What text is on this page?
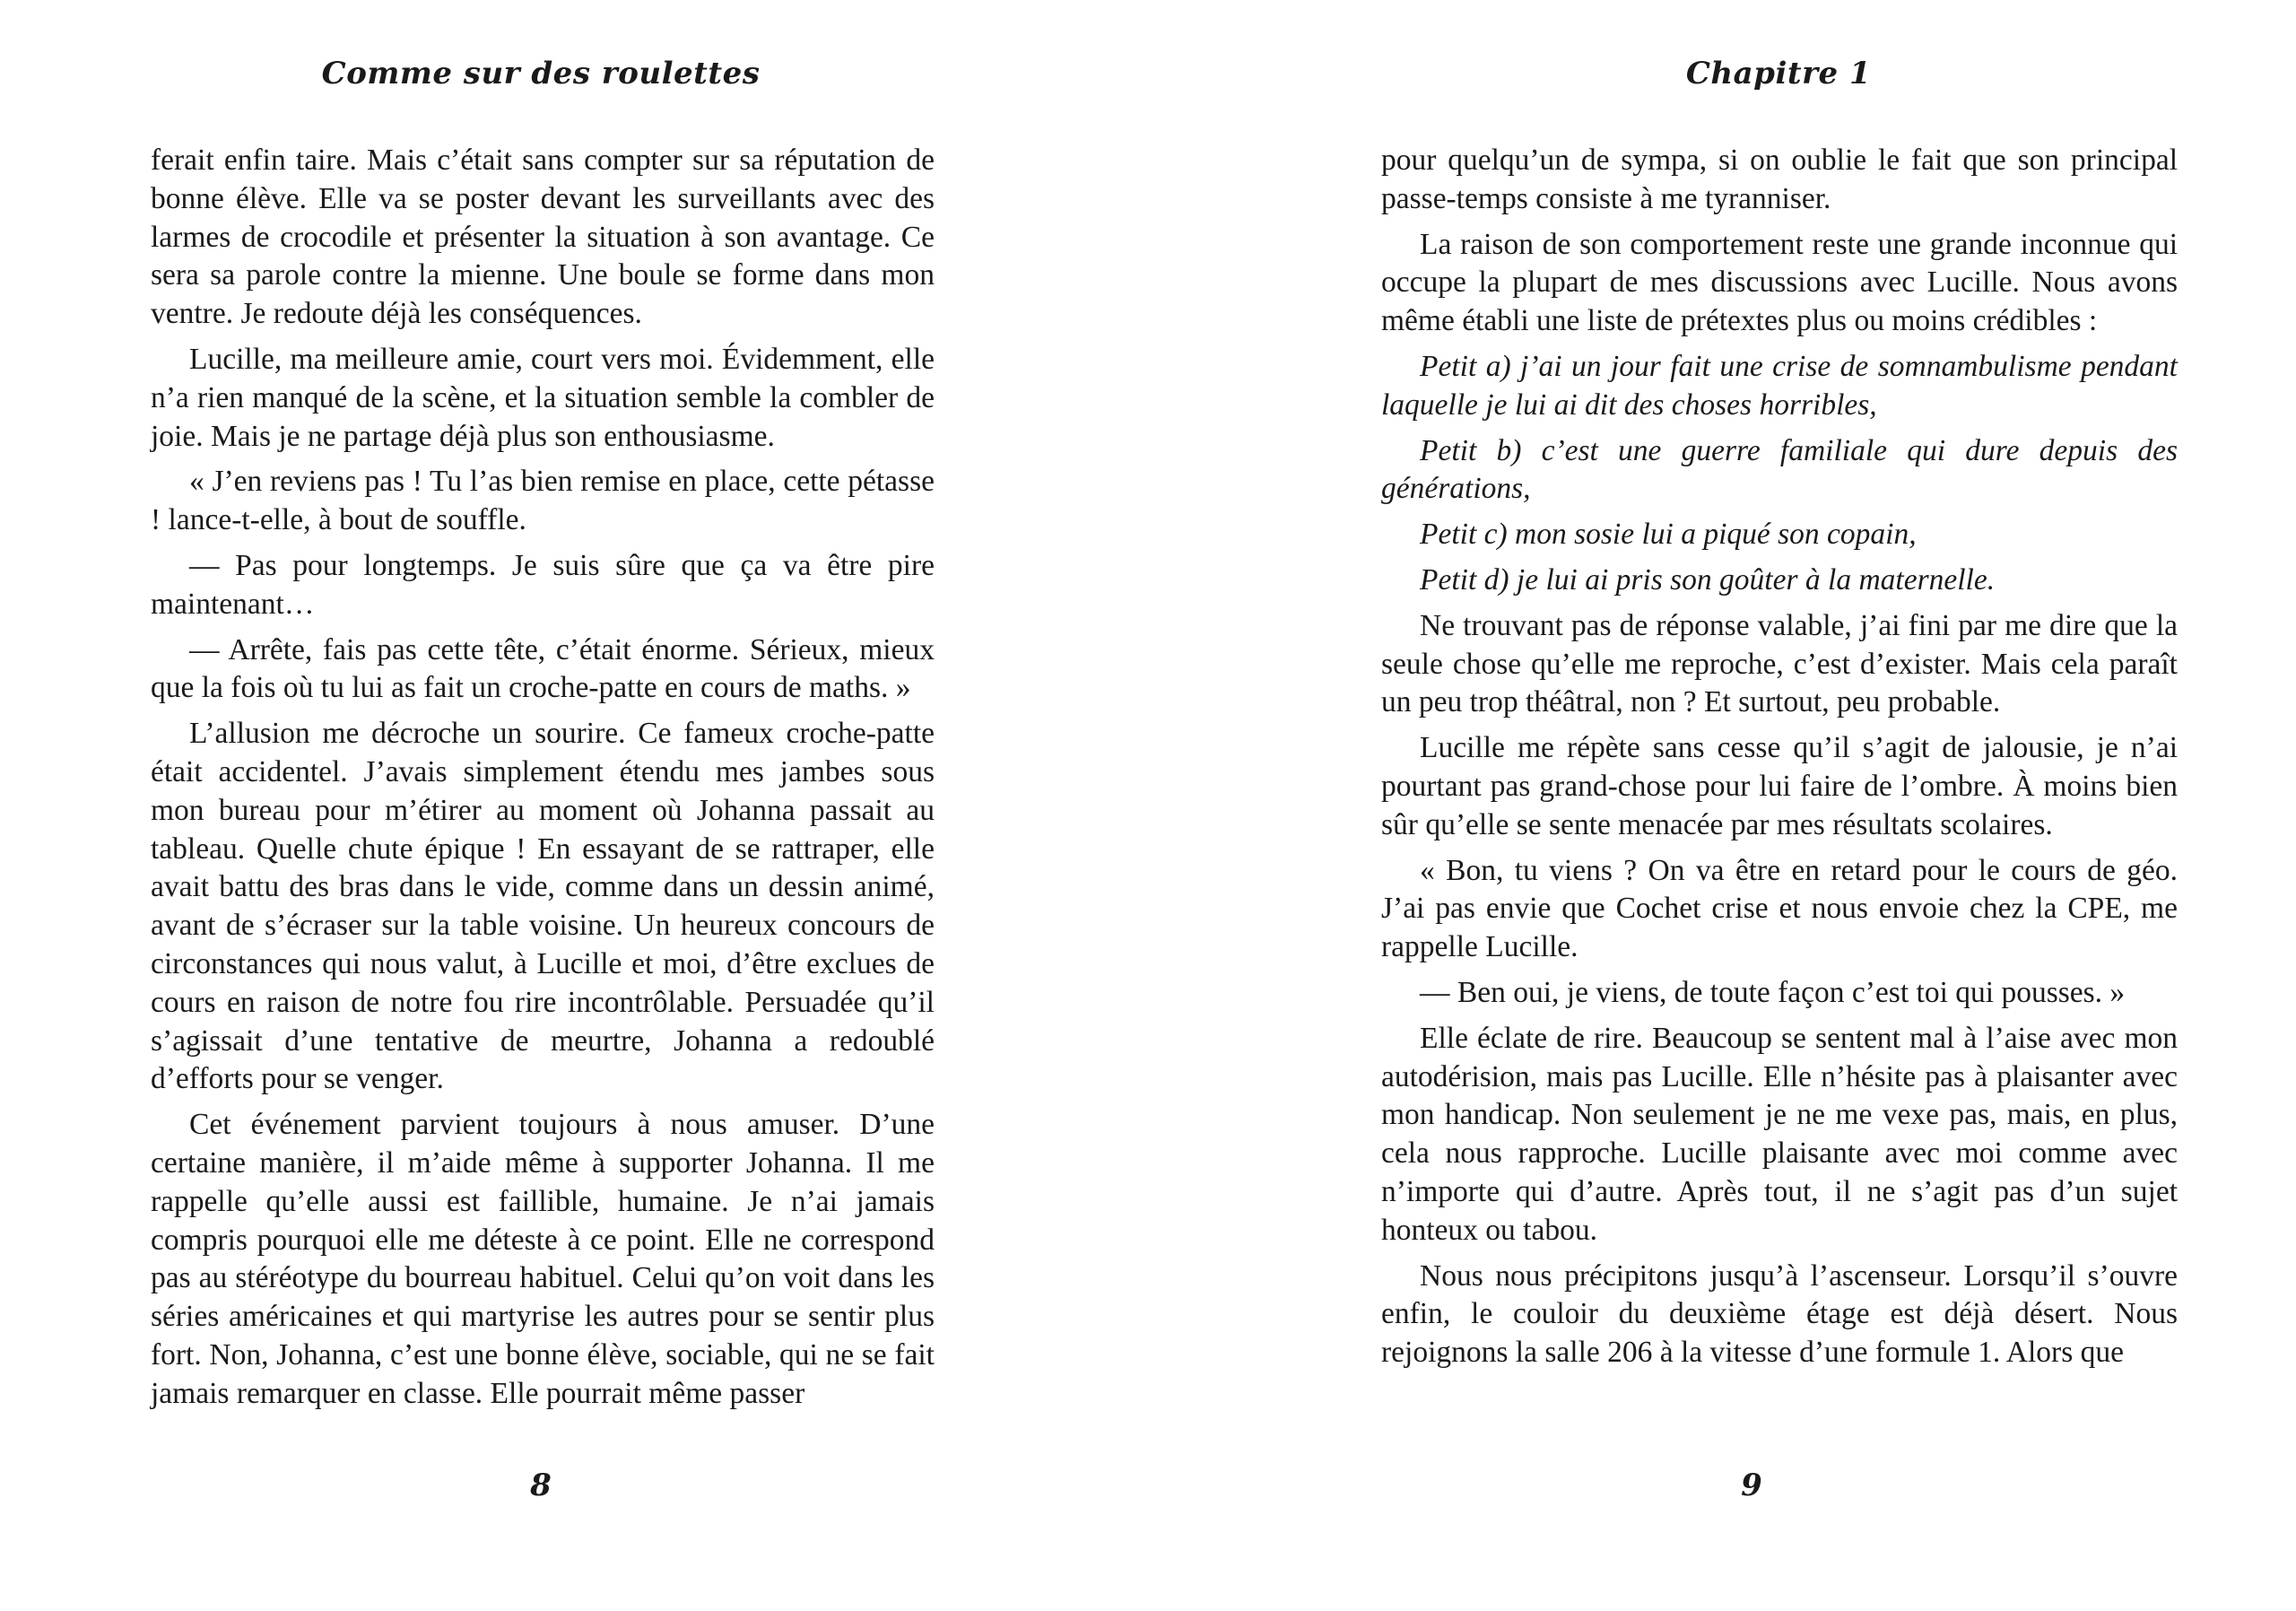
Comme sur des roulettes

ferait enfin taire. Mais c’était sans compter sur sa réputation de bonne élève. Elle va se poster devant les surveillants avec des larmes de crocodile et présenter la situation à son avantage. Ce sera sa parole contre la mienne. Une boule se forme dans mon ventre. Je redoute déjà les conséquences.

Lucille, ma meilleure amie, court vers moi. Évidemment, elle n’a rien manqué de la scène, et la situation semble la combler de joie. Mais je ne partage déjà plus son enthousiasme.

« J’en reviens pas ! Tu l’as bien remise en place, cette pétasse ! lance-t-elle, à bout de souffle.

— Pas pour longtemps. Je suis sûre que ça va être pire maintenant…

— Arrête, fais pas cette tête, c’était énorme. Sérieux, mieux que la fois où tu lui as fait un croche-patte en cours de maths. »

L’allusion me décroche un sourire. Ce fameux croche-patte était accidentel. J’avais simplement étendu mes jambes sous mon bureau pour m’étirer au moment où Johanna passait au tableau. Quelle chute épique ! En essayant de se rattraper, elle avait battu des bras dans le vide, comme dans un dessin animé, avant de s’écraser sur la table voisine. Un heureux concours de circonstances qui nous valut, à Lucille et moi, d’être exclues de cours en raison de notre fou rire incontrôlable. Persuadée qu’il s’agissait d’une tentative de meurtre, Johanna a redoublé d’efforts pour se venger.

Cet événement parvient toujours à nous amuser. D’une certaine manière, il m’aide même à supporter Johanna. Il me rappelle qu’elle aussi est faillible, humaine. Je n’ai jamais compris pourquoi elle me déteste à ce point. Elle ne correspond pas au stéréotype du bourreau habituel. Celui qu’on voit dans les séries américaines et qui martyrise les autres pour se sentir plus fort. Non, Johanna, c’est une bonne élève, sociable, qui ne se fait jamais remarquer en classe. Elle pourrait même passer

8
Chapitre 1

pour quelqu’un de sympa, si on oublie le fait que son principal passe-temps consiste à me tyranniser.

La raison de son comportement reste une grande inconnue qui occupe la plupart de mes discussions avec Lucille. Nous avons même établi une liste de prétextes plus ou moins crédibles :

Petit a) j’ai un jour fait une crise de somnambulisme pendant laquelle je lui ai dit des choses horribles,

Petit b) c’est une guerre familiale qui dure depuis des générations,

Petit c) mon sosie lui a piqué son copain,

Petit d) je lui ai pris son goûter à la maternelle.

Ne trouvant pas de réponse valable, j’ai fini par me dire que la seule chose qu’elle me reproche, c’est d’exister. Mais cela paraît un peu trop théâtral, non ? Et surtout, peu probable.

Lucille me répète sans cesse qu’il s’agit de jalousie, je n’ai pourtant pas grand-chose pour lui faire de l’ombre. À moins bien sûr qu’elle se sente menacée par mes résultats scolaires.

« Bon, tu viens ? On va être en retard pour le cours de géo. J’ai pas envie que Cochet crise et nous envoie chez la CPE, me rappelle Lucille.

— Ben oui, je viens, de toute façon c’est toi qui pousses. »

Elle éclate de rire. Beaucoup se sentent mal à l’aise avec mon autodérision, mais pas Lucille. Elle n’hésite pas à plaisanter avec mon handicap. Non seulement je ne me vexe pas, mais, en plus, cela nous rapproche. Lucille plaisante avec moi comme avec n’importe qui d’autre. Après tout, il ne s’agit pas d’un sujet honteux ou tabou.

Nous nous précipitons jusqu’à l’ascenseur. Lorsqu’il s’ouvre enfin, le couloir du deuxième étage est déjà désert. Nous rejoignons la salle 206 à la vitesse d’une formule 1. Alors que

9
